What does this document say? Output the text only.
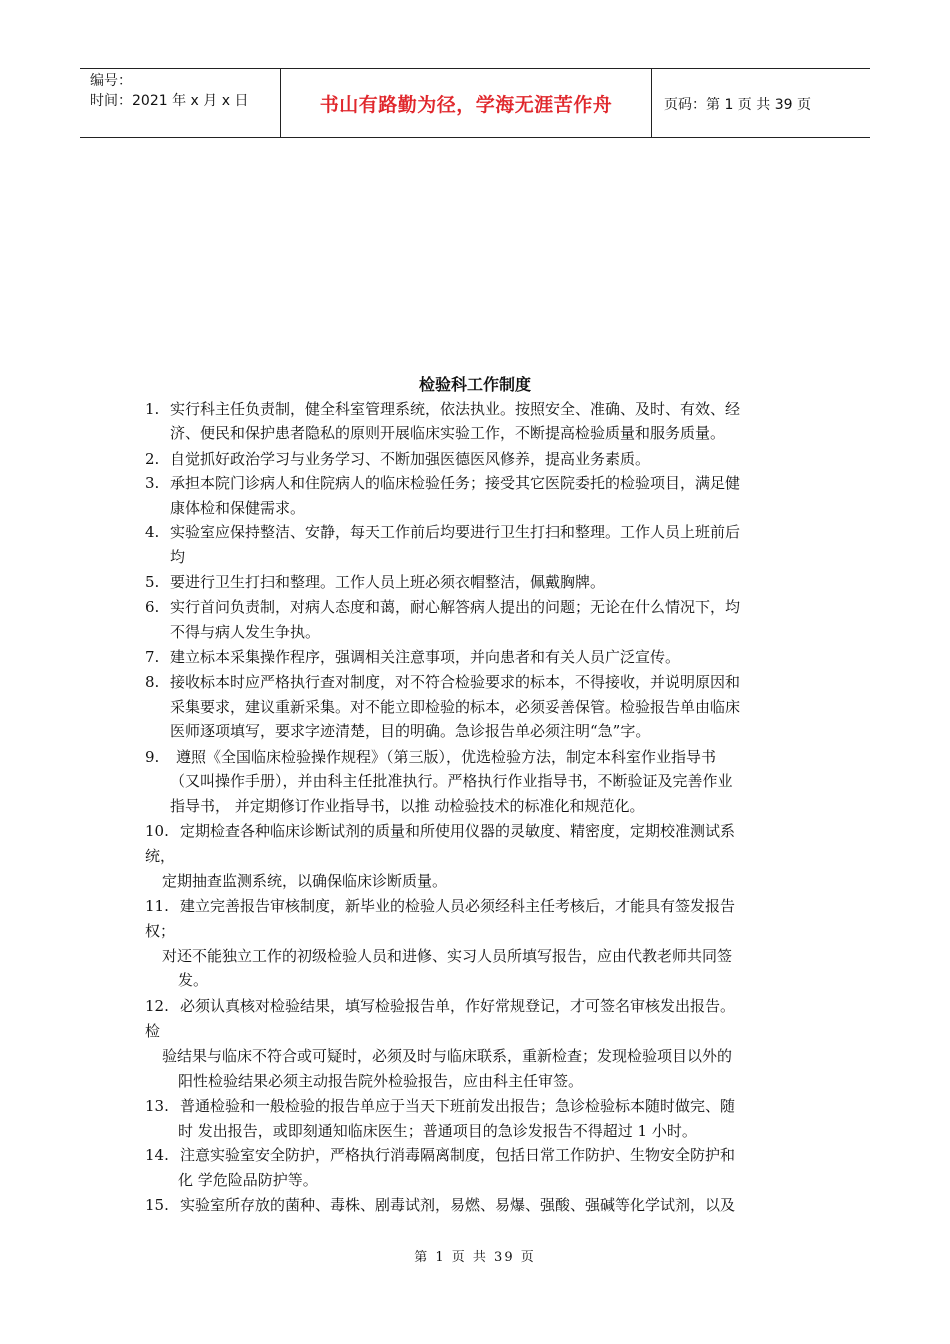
编号：
时间：2021 年 x 月 x 日	书山有路勤为径，学海无涯苦作舟	页码：第 1 页 共 39 页
检验科工作制度
1. 实行科主任负责制，健全科室管理系统，依法执业。按照安全、准确、及时、有效、经
济、便民和保护患者隐私的原则开展临床实验工作，不断提高检验质量和服务质量。
2. 自觉抓好政治学习与业务学习、不断加强医德医风修养，提高业务素质。
3. 承担本院门诊病人和住院病人的临床检验任务；接受其它医院委托的检验项目，满足健
康体检和保健需求。
4. 实验室应保持整洁、安静，每天工作前后均要进行卫生打扫和整理。工作人员上班前后
均
5. 要进行卫生打扫和整理。工作人员上班必须衣帽整洁，佩戴胸牌。
6. 实行首问负责制，对病人态度和蔼，耐心解答病人提出的问题；无论在什么情况下，均
不得与病人发生争执。
7. 建立标本采集操作程序，强调相关注意事项，并向患者和有关人员广泛宣传。
8. 接收标本时应严格执行查对制度，对不符合检验要求的标本，不得接收，并说明原因和
采集要求，建议重新采集。对不能立即检验的标本，必须妥善保管。检验报告单由临床
医师逐项填写，要求字迹清楚，目的明确。急诊报告单必须注明“急”字。
9. 遵照《全国临床检验操作规程》（第三版），优选检验方法，制定本科室作业指导书
（又叫操作手册），并由科主任批准执行。严格执行作业指导书，不断验证及完善作业
指导书， 并定期修订作业指导书，以推 动检验技术的标准化和规范化。
10. 定期检查各种临床诊断试剂的质量和所使用仪器的灵敏度、精密度，定期校准测试系
统，
定期抽查监测系统，以确保临床诊断质量。
11. 建立完善报告审核制度，新毕业的检验人员必须经科主任考核后，才能具有签发报告
权；
对还不能独立工作的初级检验人员和进修、实习人员所填写报告，应由代教老师共同签
发。
12. 必须认真核对检验结果，填写检验报告单，作好常规登记，才可签名审核发出报告。
检
验结果与临床不符合或可疑时，必须及时与临床联系，重新检查；发现检验项目以外的
阳性检验结果必须主动报告院外检验报告，应由科主任审签。
13. 普通检验和一般检验的报告单应于当天下班前发出报告；急诊检验标本随时做完、随
时 发出报告，或即刻通知临床医生；普通项目的急诊发报告不得超过 1 小时。
14. 注意实验室安全防护，严格执行消毒隔离制度，包括日常工作防护、生物安全防护和
化 学危险品防护等。
15. 实验室所存放的菌种、毒株、剧毒试剂，易燃、易爆、强酸、强碱等化学试剂，以及
第 1 页 共 39 页
